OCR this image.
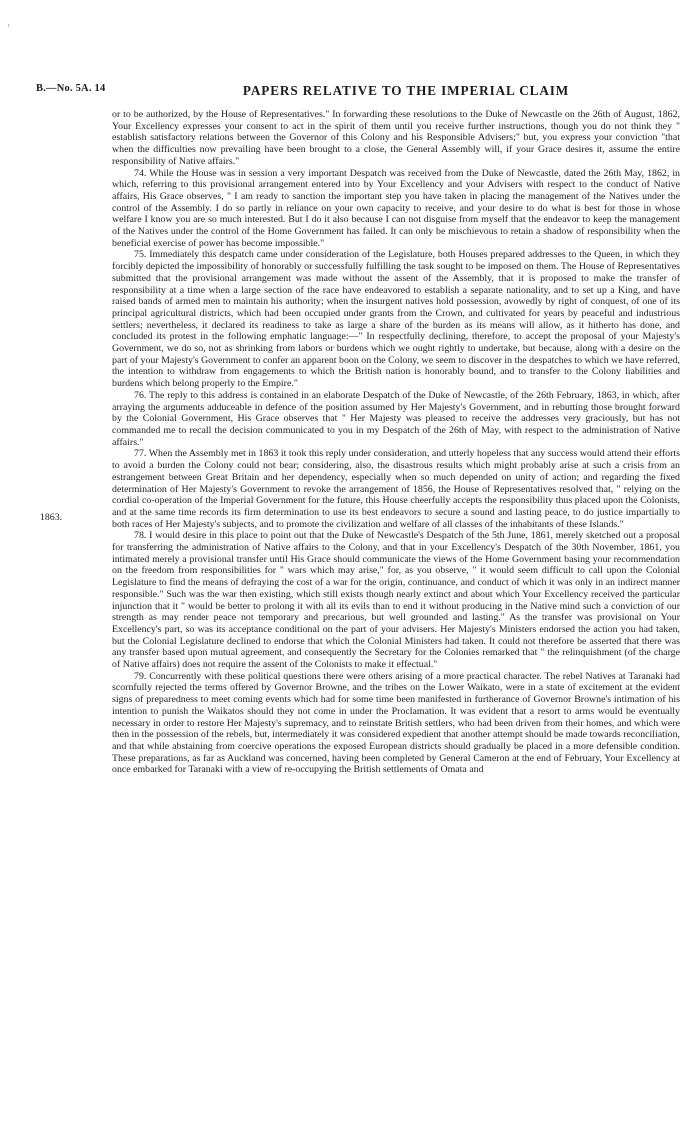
'
B.—No. 5A. 14	PAPERS RELATIVE TO THE IMPERIAL CLAIM
1863.

or to be authorized, by the House of Representatives." In forwarding these resolutions to the Duke of Newcastle on the 26th of August, 1862, Your Excellency expresses your consent to act in the spirit of them until you receive further instructions, though you do not think they " establish satisfactory relations between the Governor of this Colony and his Responsible Advisers;" but, you express your conviction "that when the difficulties now prevailing have been brought to a close, the General Assembly will, if your Grace desires it, assume the entire responsibility of Native affairs."

74. While the House was in session a very important Despatch was received from the Duke of Newcastle, dated the 26th May, 1862, in which, referring to this provisional arrangement entered into by Your Excellency and your Advisers with respect to the conduct of Native affairs, His Grace observes, " I am ready to sanction the important step you have taken in placing the management of the Natives under the control of the Assembly. I do so partly in reliance on your own capacity to receive, and your desire to do what is best for those in whose welfare I know you are so much interested. But I do it also because I can not disguise from myself that the endeavor to keep the management of the Natives under the control of the Home Government has failed. It can only be mischievous to retain a shadow of responsibility when the beneficial exercise of power has become impossible."

75. Immediately this despatch came under consideration of the Legislature, both Houses prepared addresses to the Queen, in which they forcibly depicted the impossibility of honorably or successfully fulfilling the task sought to be imposed on them. The House of Representatives submitted that the provisional arrangement was made without the assent of the Assembly, that it is proposed to make the transfer of responsibility at a time when a large section of the race have endeavored to establish a separate nationality, and to set up a King, and have raised bands of armed men to maintain his authority; when the insurgent natives hold possession, avowedly by right of conquest, of one of its principal agricultural districts, which had been occupied under grants from the Crown, and cultivated for years by peaceful and industrious settlers; nevertheless, it declared its readiness to take as large a share of the burden as its means will allow, as it hitherto has done, and concluded its protest in the following emphatic language:—" In respectfully declining, therefore, to accept the proposal of your Majesty's Government, we do so, not as shrinking from labors or burdens which we ought rightly to undertake, but because, along with a desire on the part of your Majesty's Government to confer an apparent boon on the Colony, we seem to discover in the despatches to which we have referred, the intention to withdraw from engagements to which the British nation is honorably bound, and to transfer to the Colony liabilities and burdens which belong properly to the Empire."

76. The reply to this address is contained in an elaborate Despatch of the Duke of Newcastle, of the 26th February, 1863, in which, after arraying the arguments adduceable in defence of the position assumed by Her Majesty's Government, and in rebutting those brought forward by the Colonial Government, His Grace observes that " Her Majesty was pleased to receive the addresses very graciously, but has not commanded me to recall the decision communicated to you in my Despatch of the 26th of May, with respect to the administration of Native affairs."

77. When the Assembly met in 1863 it took this reply under consideration, and utterly hopeless that any success would attend their efforts to avoid a burden the Colony could not bear; considering, also, the disastrous results which might probably arise at such a crisis from an estrangement between Great Britain and her dependency, especially when so much depended on unity of action; and regarding the fixed determination of Her Majesty's Government to revoke the arrangement of 1856, the House of Representatives resolved that, " relying on the cordial co-operation of the Imperial Government for the future, this House cheerfully accepts the responsibility thus placed upon the Colonists, and at the same time records its firm determination to use its best endeavors to secure a sound and lasting peace, to do justice impartially to both races of Her Majesty's subjects, and to promote the civilization and welfare of all classes of the inhabitants of these Islands."

78. I would desire in this place to point out that the Duke of Newcastle's Despatch of the 5th June, 1861, merely sketched out a proposal for transferring the administration of Native affairs to the Colony, and that in your Excellency's Despatch of the 30th November, 1861, you intimated merely a provisional transfer until His Grace should communicate the views of the Home Government basing your recommendation on the freedom from responsibilities for " wars which may arise," for, as you observe, " it would seem difficult to call upon the Colonial Legislature to find the means of defraying the cost of a war for the origin, continuance, and conduct of which it was only in an indirect manner responsible." Such was the war then existing, which still exists though nearly extinct and about which Your Excellency received the particular injunction that it " would be better to prolong it with all its evils than to end it without producing in the Native mind such a conviction of our strength as may render peace not temporary and precarious, but well grounded and lasting." As the transfer was provisional on Your Excellency's part, so was its acceptance conditional on the part of your advisers. Her Majesty's Ministers endorsed the action you had taken, but the Colonial Legislature declined to endorse that which the Colonial Ministers had taken. It could not therefore be asserted that there was any transfer based upon mutual agreement, and consequently the Secretary for the Colonies remarked that " the relinquishment (of the charge of Native affairs) does not require the assent of the Colonists to make it effectual."

79. Concurrently with these political questions there were others arising of a more practical character. The rebel Natives at Taranaki had scornfully rejected the terms offered by Governor Browne, and the tribes on the Lower Waikato, were in a state of excitement at the evident signs of preparedness to meet coming events which had for some time been manifested in furtherance of Governor Browne's intimation of his intention to punish the Waikatos should they not come in under the Proclamation. It was evident that a resort to arms would be eventually necessary in order to restore Her Majesty's supremacy, and to reinstate British settlers, who had been driven from their homes, and which were then in the possession of the rebels, but, intermediately it was considered expedient that another attempt should be made towards reconciliation, and that while abstaining from coercive operations the exposed European districts should gradually be placed in a more defensible condition. These preparations, as far as Auckland was concerned, having been completed by General Cameron at the end of February, Your Excellency at once embarked for Taranaki with a view of re-occupying the British settlements of Omata and
